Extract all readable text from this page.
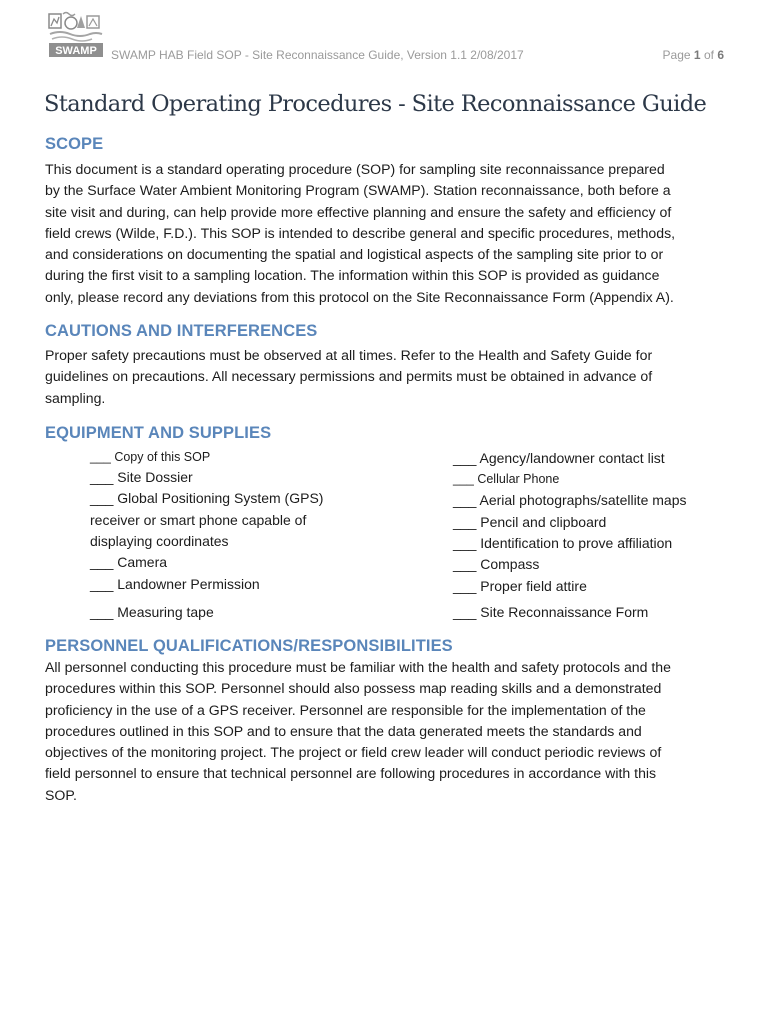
SWAMP SWAMP HAB Field SOP - Site Reconnaissance Guide, Version 1.1 2/08/2017	Page 1 of 6
Standard Operating Procedures - Site Reconnaissance Guide
SCOPE
This document is a standard operating procedure (SOP) for sampling site reconnaissance prepared
by the Surface Water Ambient Monitoring Program (SWAMP). Station reconnaissance, both before a
site visit and during, can help provide more effective planning and ensure the safety and efficiency of
field crews (Wilde, F.D.). This SOP is intended to describe general and specific procedures, methods,
and considerations on documenting the spatial and logistical aspects of the sampling site prior to or
during the first visit to a sampling location. The information within this SOP is provided as guidance
only, please record any deviations from this protocol on the Site Reconnaissance Form (Appendix A).
CAUTIONS AND INTERFERENCES
Proper safety precautions must be observed at all times. Refer to the Health and Safety Guide for
guidelines on precautions. All necessary permissions and permits must be obtained in advance of
sampling.
EQUIPMENT AND SUPPLIES
___ Copy of this SOP
___ Site Dossier
___ Global Positioning System (GPS)
receiver or smart phone capable of
displaying coordinates
___ Camera
___ Landowner Permission
___ Measuring tape
___ Agency/landowner contact list
___ Cellular Phone
___ Aerial photographs/satellite maps
___ Pencil and clipboard
___ Identification to prove affiliation
___ Compass
___ Proper field attire
___ Site Reconnaissance Form
PERSONNEL QUALIFICATIONS/RESPONSIBILITIES
All personnel conducting this procedure must be familiar with the health and safety protocols and the
procedures within this SOP. Personnel should also possess map reading skills and a demonstrated
proficiency in the use of a GPS receiver. Personnel are responsible for the implementation of the
procedures outlined in this SOP and to ensure that the data generated meets the standards and
objectives of the monitoring project. The project or field crew leader will conduct periodic reviews of
field personnel to ensure that technical personnel are following procedures in accordance with this
SOP.
